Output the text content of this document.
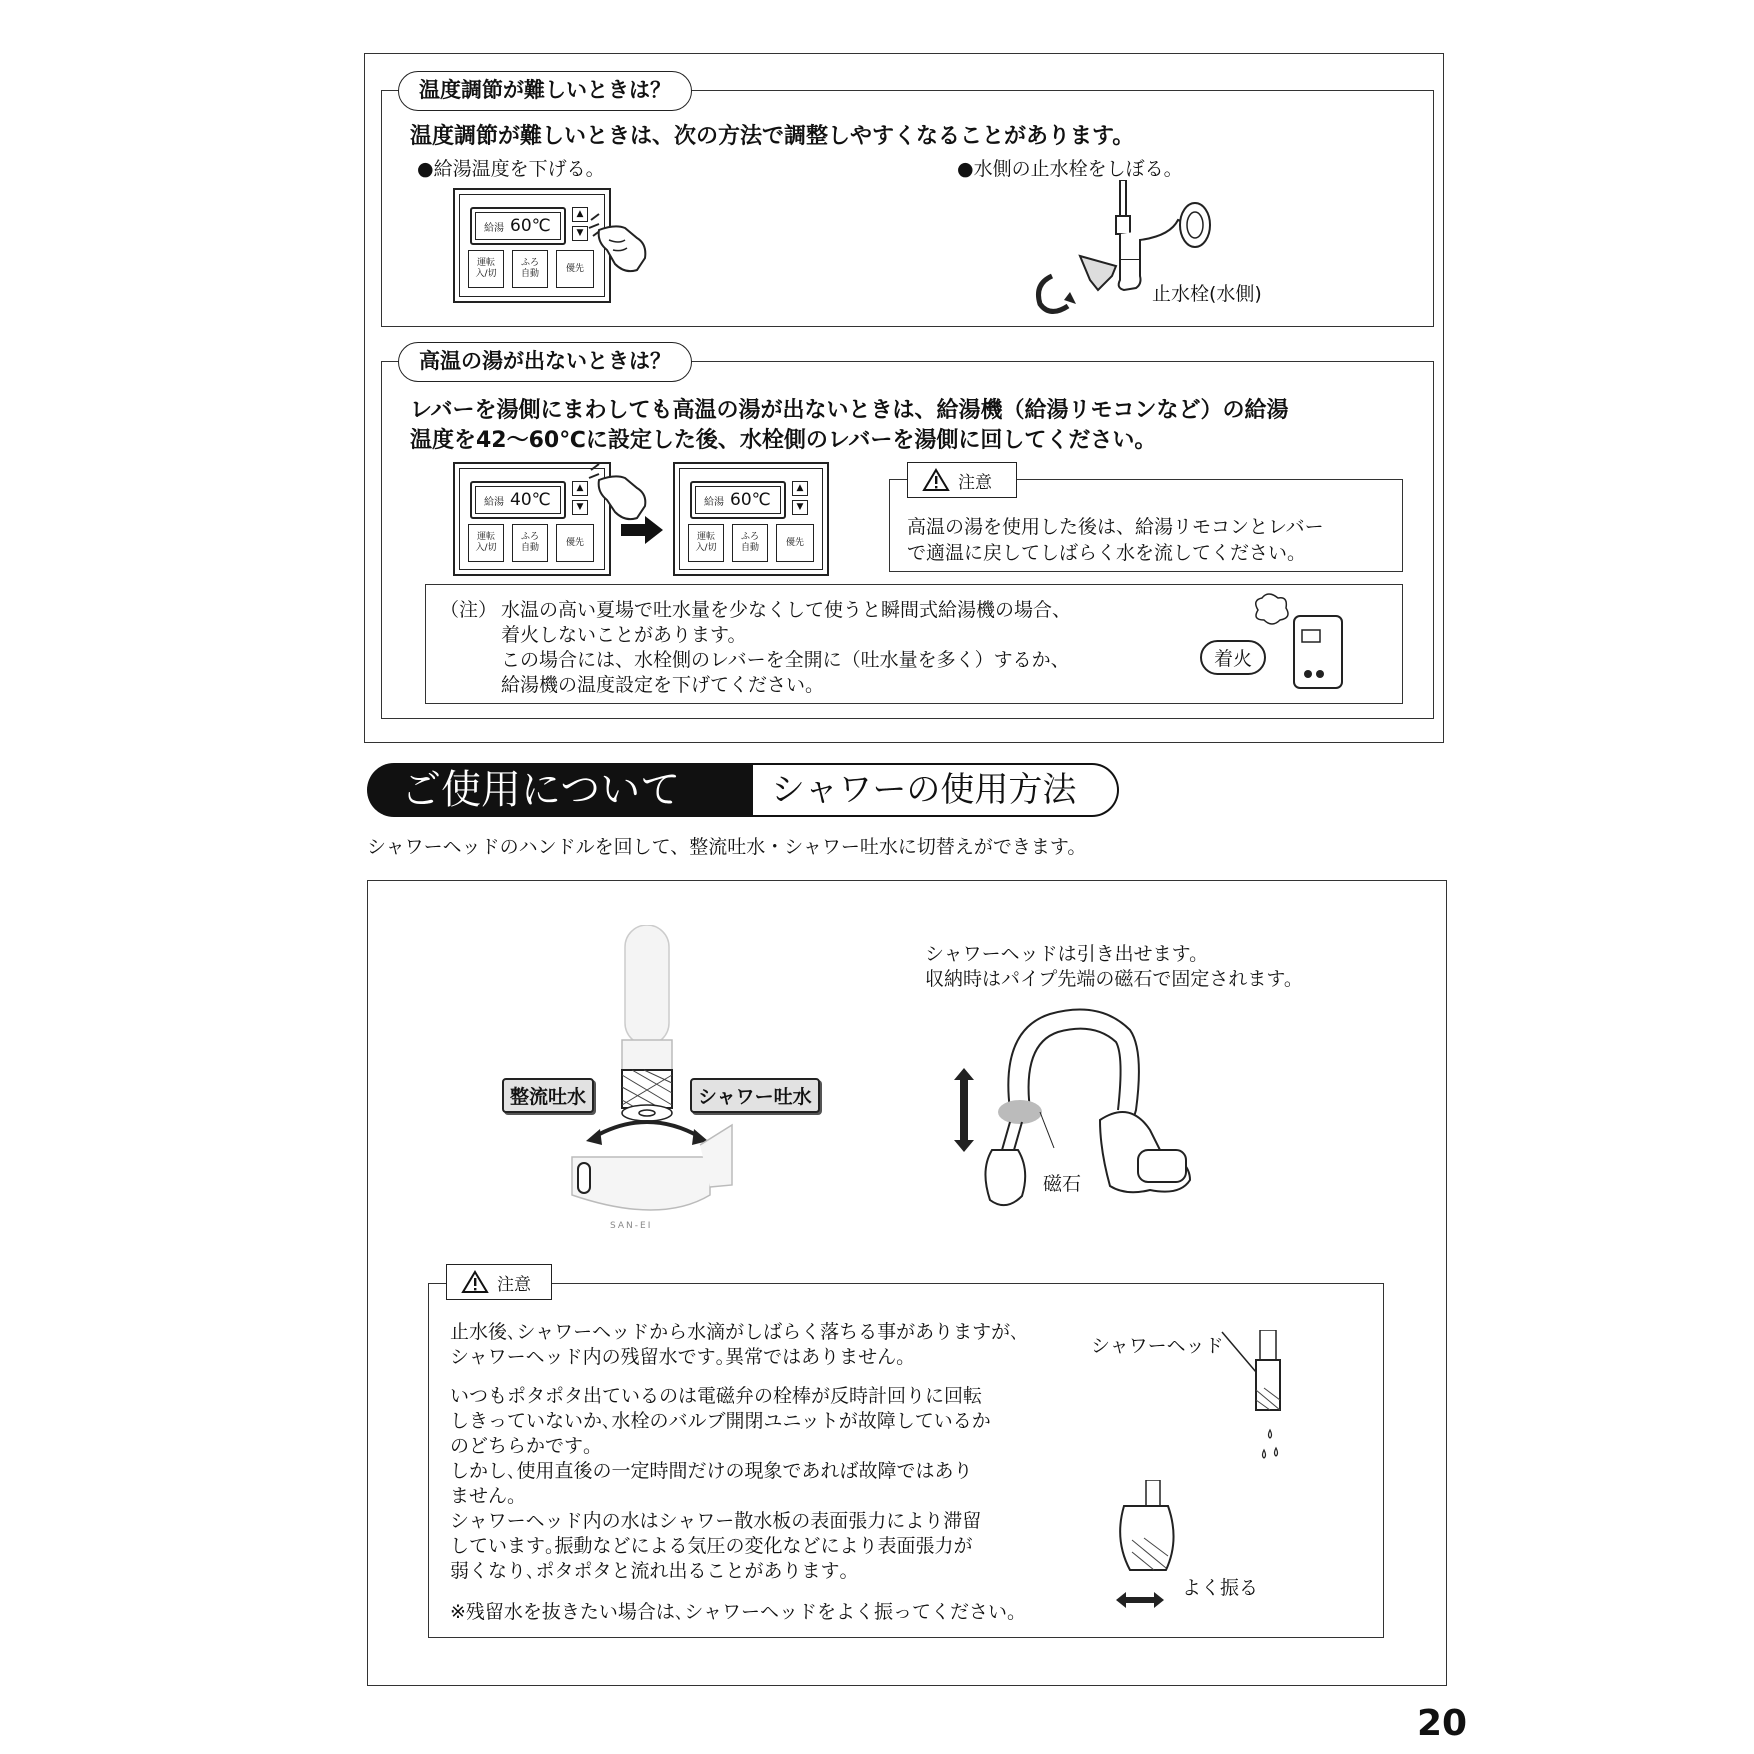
温度調節が難しいときは？
温度調節が難しいときは、次の方法で調整しやすくなることがあります。
●給湯温度を下げる。	●水側の止水栓をしぼる。
給湯 60℃
▲
▼
運転
入/切
ふろ
自動
優先
止水栓(水側)
高温の湯が出ないときは？
レバーを湯側にまわしても高温の湯が出ないときは、給湯機（給湯リモコンなど）の給湯
温度を42〜60℃に設定した後、水栓側のレバーを湯側に回してください。
給湯 40℃
▲
▼
運転
入/切
ふろ
自動
優先
給湯 60℃
▲
▼
運転
入/切
ふろ
自動
優先
注意
高温の湯を使用した後は、給湯リモコンとレバー
で適温に戻してしばらく水を流してください。
（注） 水温の高い夏場で吐水量を少なくして使うと瞬間式給湯機の場合、
着火しないことがあります。
この場合には、水栓側のレバーを全開に（吐水量を多く）するか、
給湯機の温度設定を下げてください。
着火
ご使用について	シャワーの使用方法
シャワーヘッドのハンドルを回して、整流吐水・シャワー吐水に切替えができます。
SAN-EI
整流吐水	シャワー吐水
シャワーヘッドは引き出せます。
収納時はパイプ先端の磁石で固定されます。
磁石
注意
止水後､シャワーヘッドから水滴がしばらく落ちる事がありますが､
シャワーヘッド内の残留水です｡異常ではありません｡
いつもポタポタ出ているのは電磁弁の栓棒が反時計回りに回転
しきっていないか､水栓のバルブ開閉ユニットが故障しているか
のどちらかです｡
しかし､使用直後の一定時間だけの現象であれば故障ではあり
ません｡
シャワーヘッド内の水はシャワー散水板の表面張力により滞留
しています｡振動などによる気圧の変化などにより表面張力が
弱くなり､ポタポタと流れ出ることがあります｡
※残留水を抜きたい場合は､シャワーヘッドをよく振ってください｡
シャワーヘッド
よく振る
20
